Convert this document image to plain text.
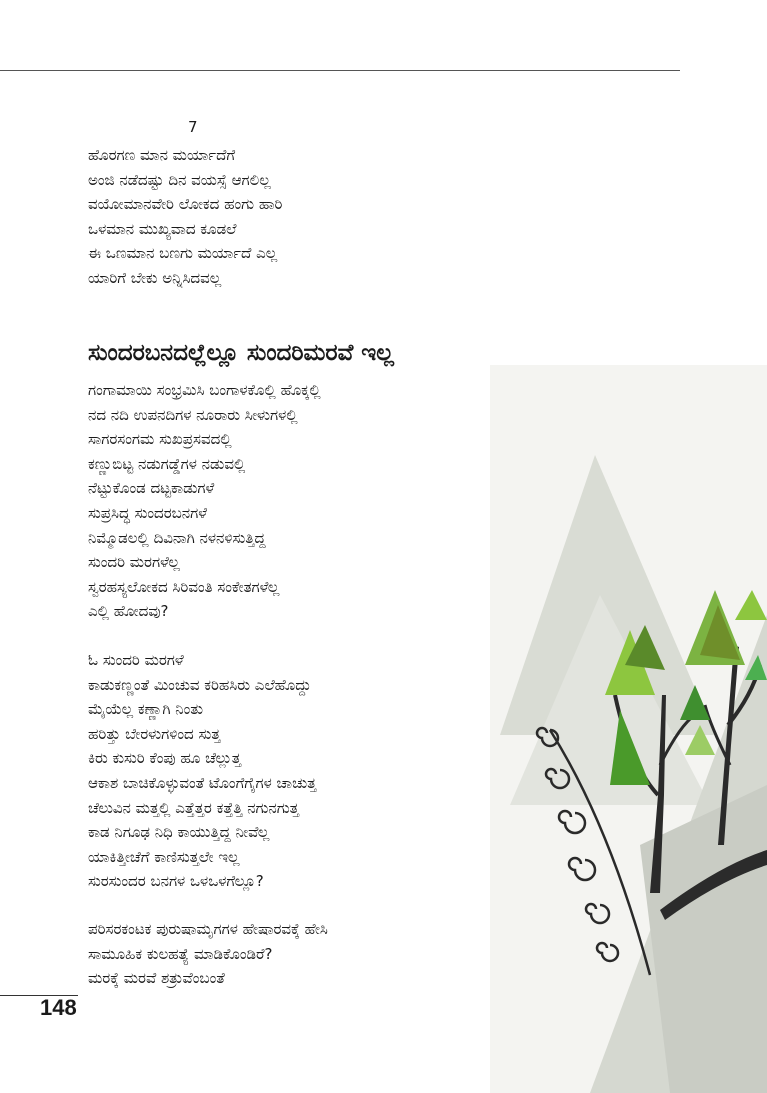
7
ಹೊರಗಣ ಮಾನ ಮರ್ಯಾದೆಗೆ
ಅಂಜಿ ನಡೆದಷ್ಟು ದಿನ ವಯಸ್ಸೆ ಆಗಲಿಲ್ಲ
ವಯೋಮಾನವೇರಿ ಲೋಕದ ಹಂಗು ಹಾರಿ
ಒಳಮಾನ ಮುಖ್ಯವಾದ ಕೂಡಲೆ
ಈ ಒಣಮಾನ ಬಣಗು ಮರ್ಯಾದೆ ಎಲ್ಲ
ಯಾರಿಗೆ ಬೇಕು ಅನ್ನಿಸಿದವಲ್ಲ
ಸುಂದರಬನದಲ್ಲೆಲ್ಲೂ ಸುಂದರಿಮರವೆ ಇಲ್ಲ
ಗಂಗಾಮಾಯಿ ಸಂಭ್ರಮಿಸಿ ಬಂಗಾಳಕೊಲ್ಲಿ ಹೊಕ್ಕಲ್ಲಿ
ನದ ನದಿ ಉಪನದಿಗಳ ನೂರಾರು ಸೀಳುಗಳಲ್ಲಿ
ಸಾಗರಸಂಗಮ ಸುಖಪ್ರಸವದಲ್ಲಿ
ಕಣ್ಣುಬಿಟ್ಟ ನಡುಗಡ್ಡೆಗಳ ನಡುವಲ್ಲಿ
ನೆಟ್ಟುಕೊಂಡ ದಟ್ಟಕಾಡುಗಳೆ
ಸುಪ್ರಸಿದ್ಧ ಸುಂದರಬನಗಳೆ
ನಿಮ್ಮೊಡಲಲ್ಲಿ ದಿವಿನಾಗಿ ನಳನಳಿಸುತ್ತಿದ್ದ
ಸುಂದರಿ ಮರಗಳೆಲ್ಲ
ಸ್ವರಹಸ್ಯಲೋಕದ ಸಿರಿವಂತಿ ಸಂಕೇತಗಳೆಲ್ಲ
ಎಲ್ಲಿ ಹೋದವು?
ಓ ಸುಂದರಿ ಮರಗಳೆ
ಕಾಡುಕಣ್ಣಂತೆ ಮಿಂಚುವ ಕರಿಹಸಿರು ಎಲೆಹೊದ್ದು
ಮೈಯೆಲ್ಲ ಕಣ್ಣಾಗಿ ನಿಂತು
ಹರಿತ್ತು ಬೇರಳುಗಳಿಂದ ಸುತ್ತ
ಕಿರು ಕುಸುರಿ ಕೆಂಪು ಹೂ ಚೆಲ್ಲುತ್ತ
ಆಕಾಶ ಬಾಚಿಕೊಳ್ಳುವಂತೆ ಟೊಂಗೆಗೈಗಳ ಚಾಚುತ್ತ
ಚೆಲುವಿನ ಮತ್ತಲ್ಲಿ ಎತ್ತೆತ್ತರ ಕತ್ತೆತ್ತಿ ನಗುನಗುತ್ತ
ಕಾಡ ನಿಗೂಢ ನಿಧಿ ಕಾಯುತ್ತಿದ್ದ ನೀವೆಲ್ಲ
ಯಾಕಿತ್ತೀಚೆಗೆ ಕಾಣಿಸುತ್ತಲೇ ಇಲ್ಲ
ಸುರಸುಂದರ ಬನಗಳ ಒಳಒಳಗೆಲ್ಲೂ?
ಪರಿಸರಕಂಟಕ ಪುರುಷಾಮೃಗಗಳ ಹೇಷಾರವಕ್ಕೆ ಹೇಸಿ
ಸಾಮೂಹಿಕ ಕುಲಹತ್ಯೆ ಮಾಡಿಕೊಂಡಿರೆ?
ಮರಕ್ಕೆ ಮರವೆ ಶತ್ರುವೆಂಬಂತೆ
148
